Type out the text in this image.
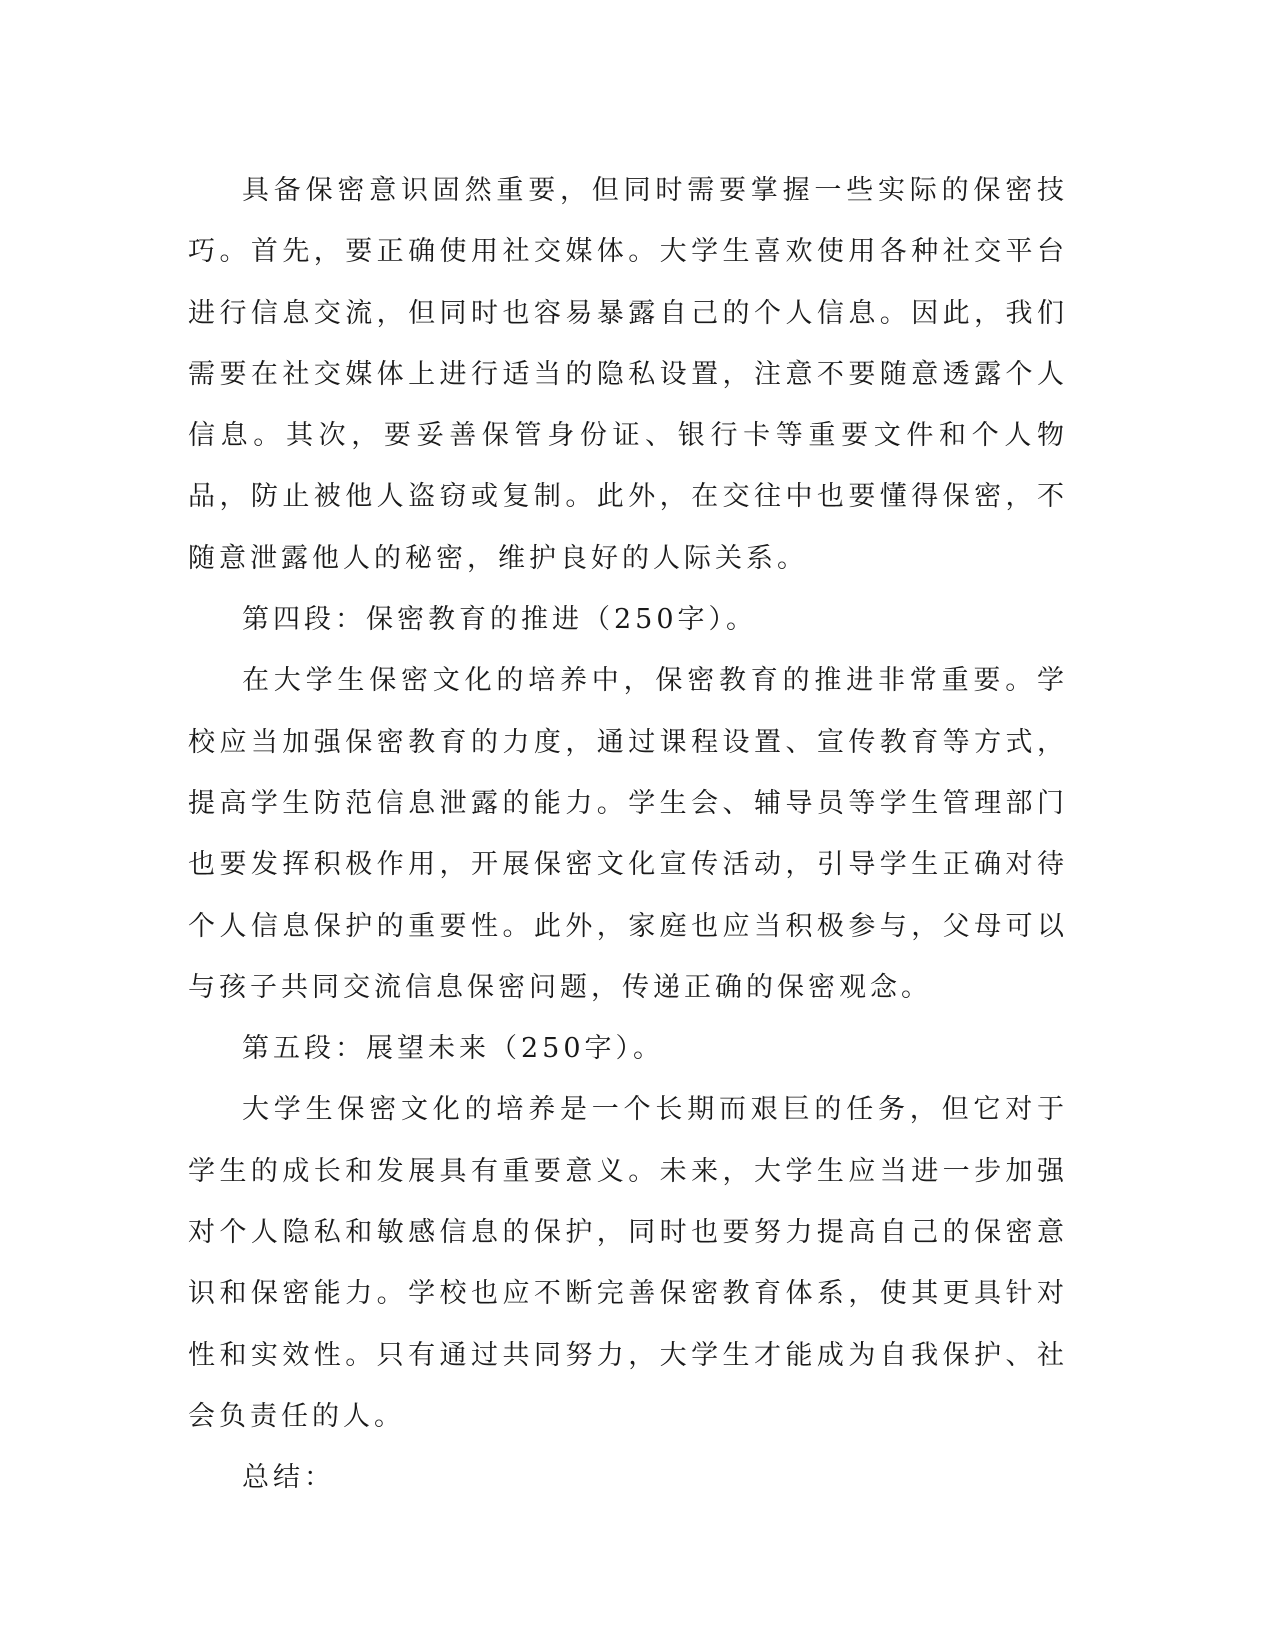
具备保密意识固然重要，但同时需要掌握一些实际的保密技巧。首先，要正确使用社交媒体。大学生喜欢使用各种社交平台进行信息交流，但同时也容易暴露自己的个人信息。因此，我们需要在社交媒体上进行适当的隐私设置，注意不要随意透露个人信息。其次，要妥善保管身份证、银行卡等重要文件和个人物品，防止被他人盗窃或复制。此外，在交往中也要懂得保密，不随意泄露他人的秘密，维护良好的人际关系。

第四段：保密教育的推进（250字）。

在大学生保密文化的培养中，保密教育的推进非常重要。学校应当加强保密教育的力度，通过课程设置、宣传教育等方式，提高学生防范信息泄露的能力。学生会、辅导员等学生管理部门也要发挥积极作用，开展保密文化宣传活动，引导学生正确对待个人信息保护的重要性。此外，家庭也应当积极参与，父母可以与孩子共同交流信息保密问题，传递正确的保密观念。

第五段：展望未来（250字）。

大学生保密文化的培养是一个长期而艰巨的任务，但它对于学生的成长和发展具有重要意义。未来，大学生应当进一步加强对个人隐私和敏感信息的保护，同时也要努力提高自己的保密意识和保密能力。学校也应不断完善保密教育体系，使其更具针对性和实效性。只有通过共同努力，大学生才能成为自我保护、社会负责任的人。

总结：
